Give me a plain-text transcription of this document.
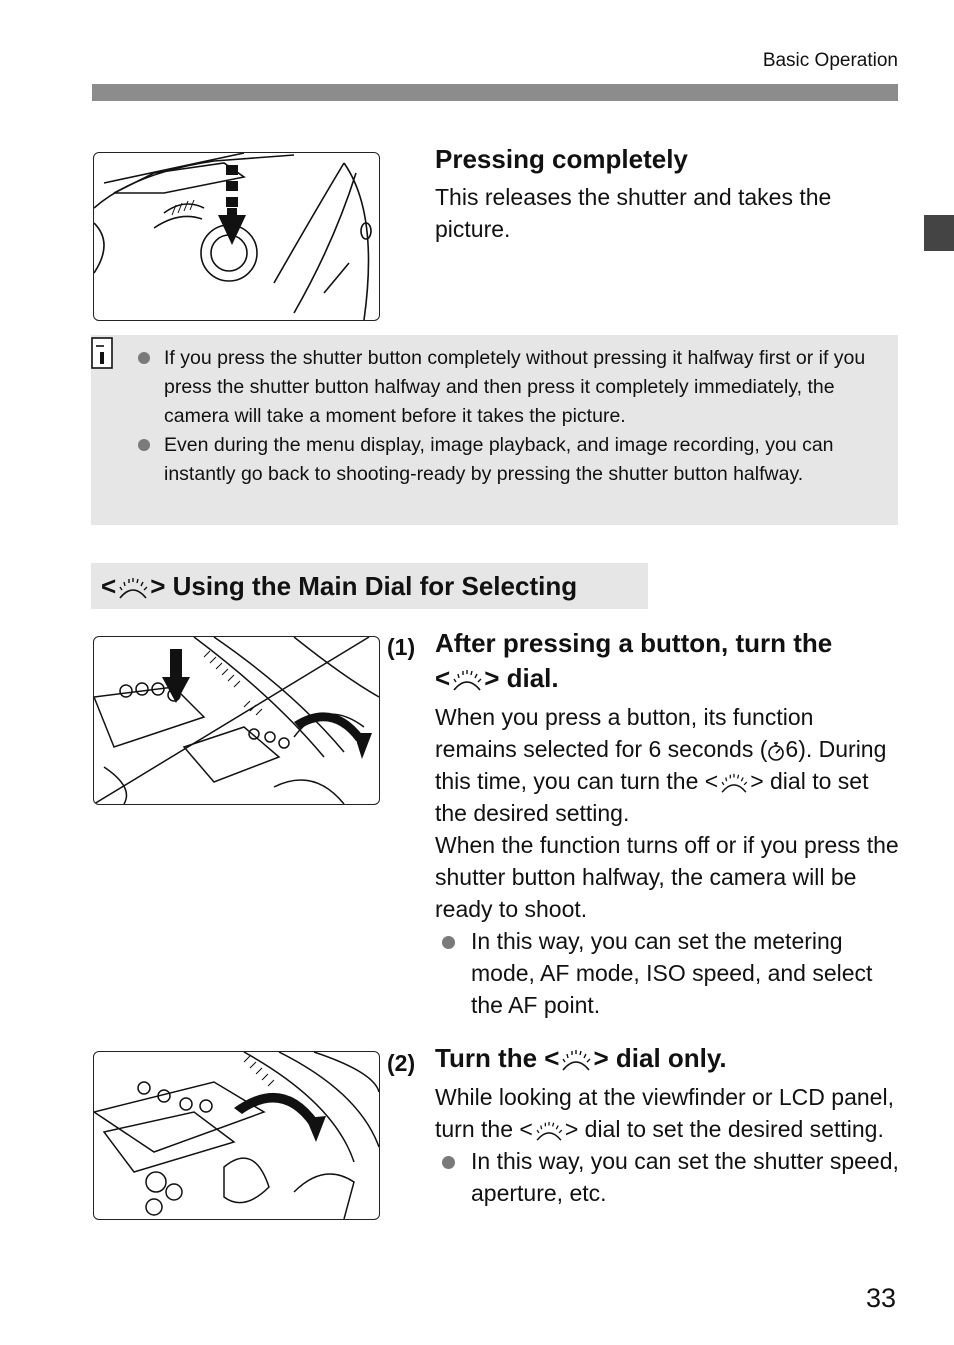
Basic Operation
Pressing completely
This releases the shutter and takes the picture.
If you press the shutter button completely without pressing it halfway first or if you press the shutter button halfway and then press it completely immediately, the camera will take a moment before it takes the picture.
Even during the menu display, image playback, and image recording, you can instantly go back to shooting-ready by pressing the shutter button halfway.
< > Using the Main Dial for Selecting
(1) After pressing a button, turn the
< > dial.
When you press a button, its function remains selected for 6 seconds ( 6). During this time, you can turn the < > dial to set the desired setting.
When the function turns off or if you press the shutter button halfway, the camera will be ready to shoot.
In this way, you can set the metering mode, AF mode, ISO speed, and select the AF point.
(2) Turn the < > dial only.
While looking at the viewfinder or LCD panel, turn the < > dial to set the desired setting.
In this way, you can set the shutter speed, aperture, etc.
33
